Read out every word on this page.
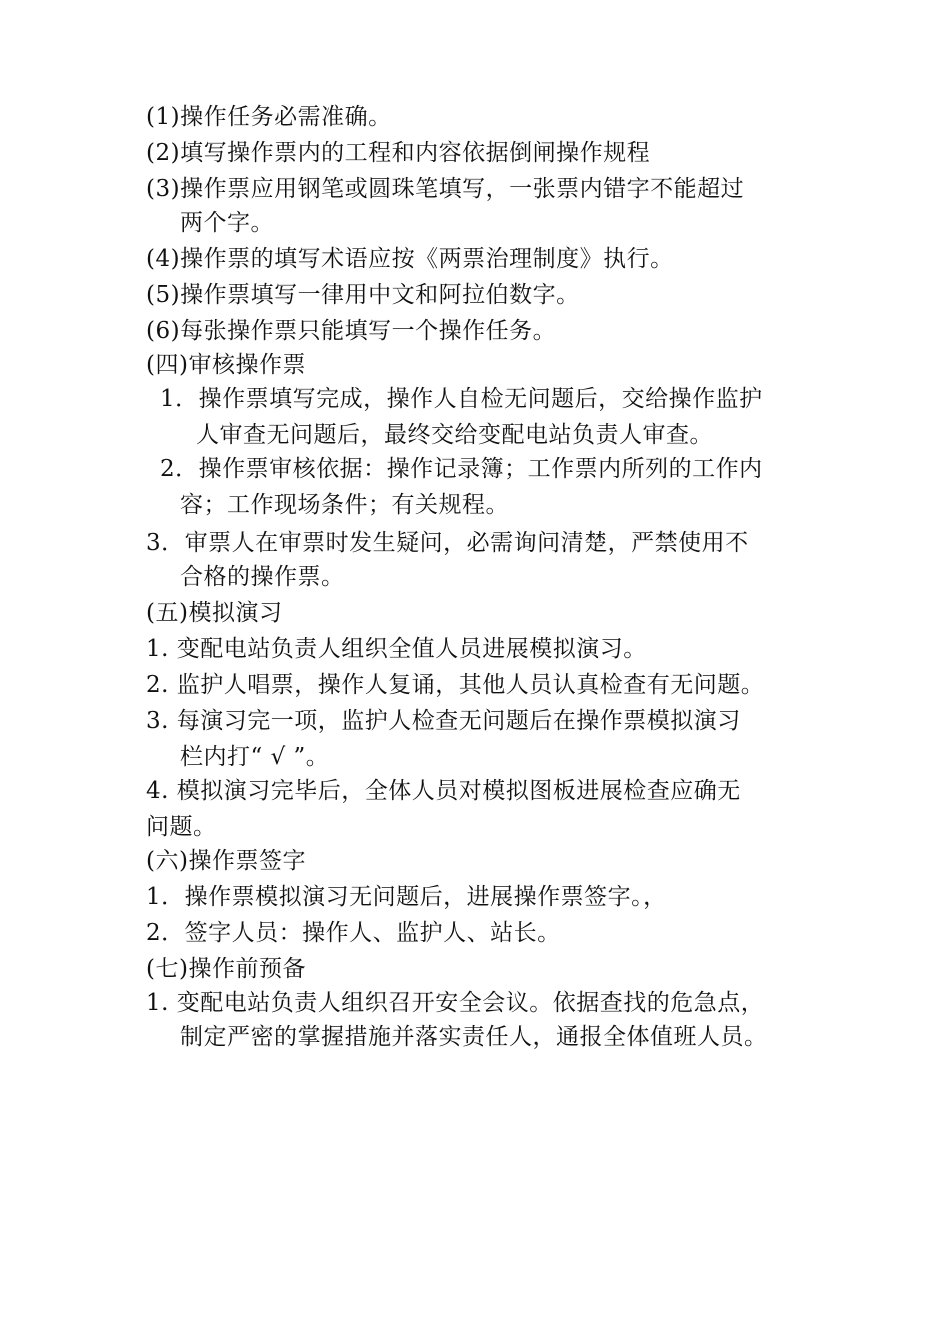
(1)操作任务必需准确。
(2)填写操作票内的工程和内容依据倒闸操作规程
(3)操作票应用钢笔或圆珠笔填写，一张票内错字不能超过
两个字。
(4)操作票的填写术语应按《两票治理制度》执行。
(5)操作票填写一律用中文和阿拉伯数字。
(6)每张操作票只能填写一个操作任务。
(四)审核操作票
1．操作票填写完成，操作人自检无问题后，交给操作监护
人审查无问题后，最终交给变配电站负责人审查。
2．操作票审核依据：操作记录簿；工作票内所列的工作内
容；工作现场条件；有关规程。
3．审票人在审票时发生疑问，必需询问清楚，严禁使用不
合格的操作票。
(五)模拟演习
1. 变配电站负责人组织全值人员进展模拟演习。
2. 监护人唱票，操作人复诵，其他人员认真检查有无问题。
3. 每演习完一项，监护人检查无问题后在操作票模拟演习
栏内打“ √ ”。
4. 模拟演习完毕后，全体人员对模拟图板进展检查应确无
问题。
(六)操作票签字
1．操作票模拟演习无问题后，进展操作票签字。，
2．签字人员：操作人、监护人、站长。
(七)操作前预备
1. 变配电站负责人组织召开安全会议。依据查找的危急点，
制定严密的掌握措施并落实责任人，通报全体值班人员。
